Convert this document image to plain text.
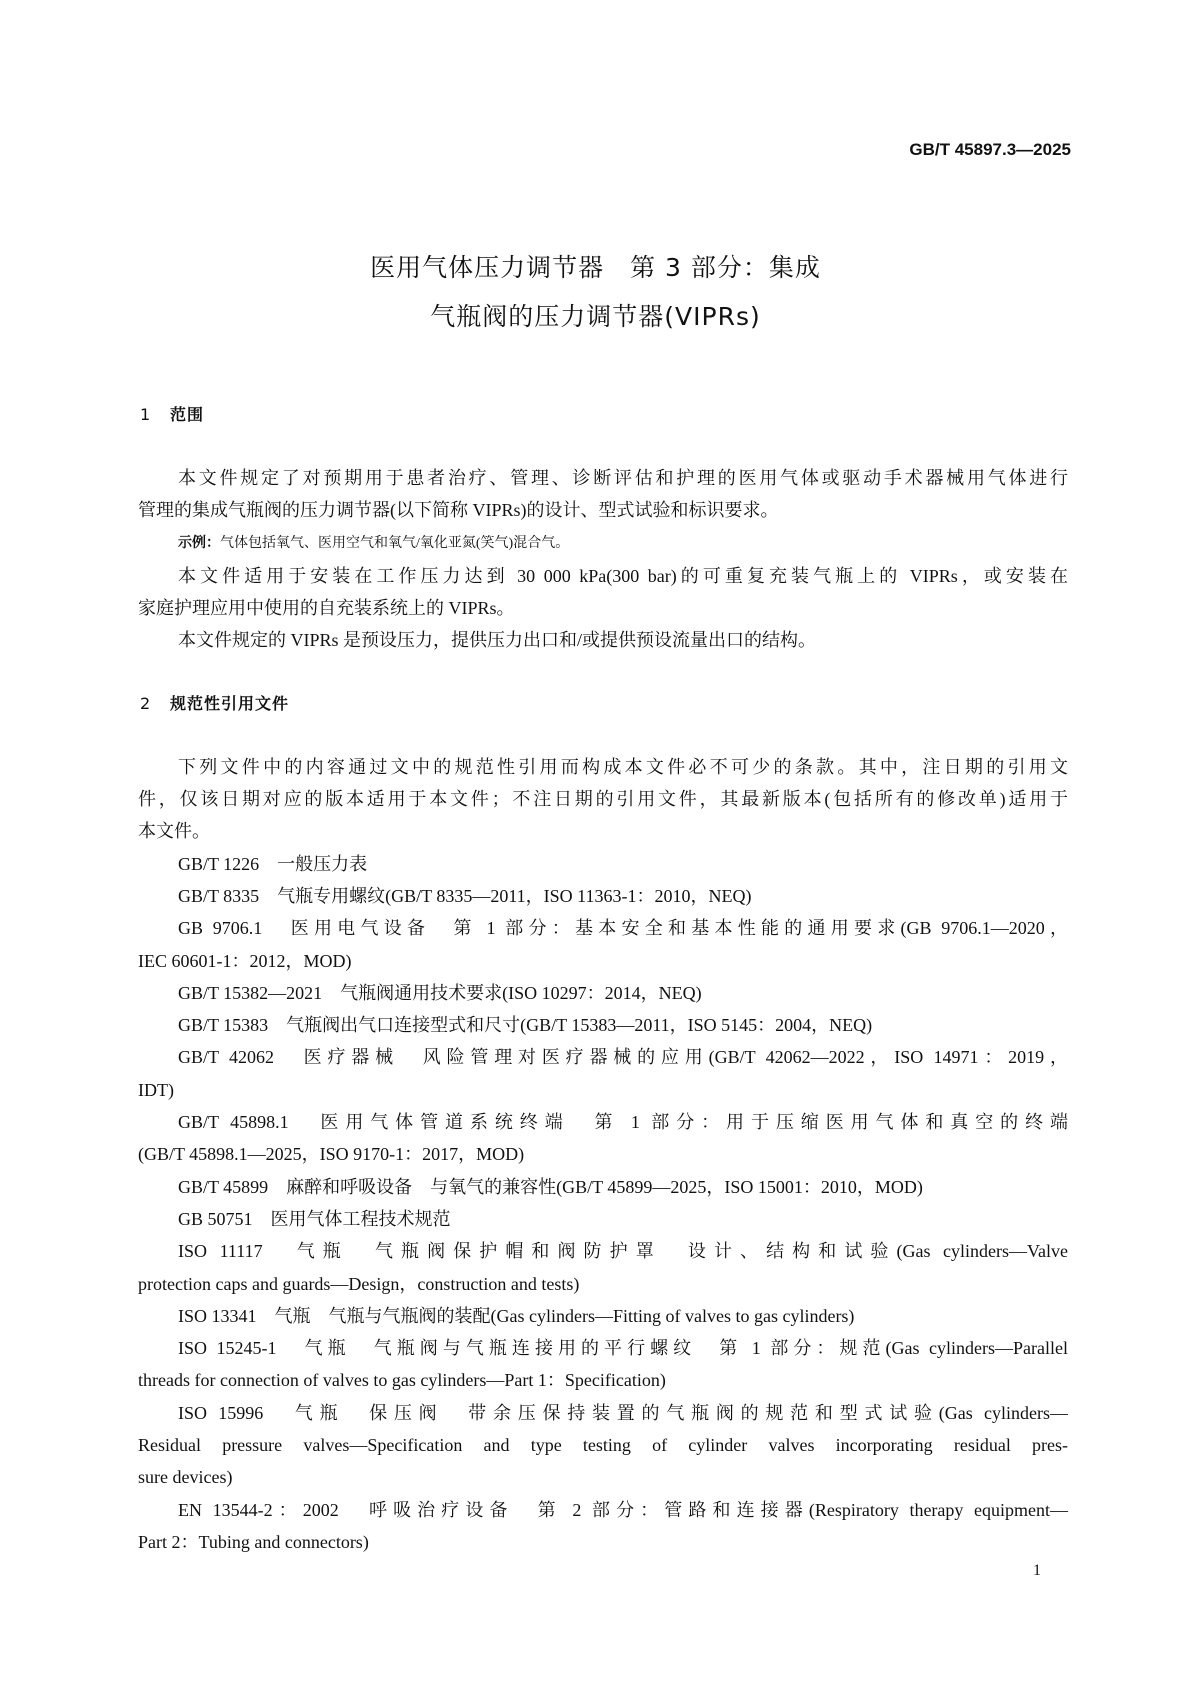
GB/T 45897.3—2025
医用气体压力调节器　第 3 部分：集成
气瓶阀的压力调节器(VIPRs)
1 范围
本文件规定了对预期用于患者治疗、管理、诊断评估和护理的医用气体或驱动手术器械用气体进行
管理的集成气瓶阀的压力调节器(以下简称 VIPRs)的设计、型式试验和标识要求。
示例：气体包括氧气、医用空气和氧气/氧化亚氮(笑气)混合气。
本文件适用于安装在工作压力达到 30 000 kPa(300 bar)的可重复充装气瓶上的 VIPRs，或安装在
家庭护理应用中使用的自充装系统上的 VIPRs。
本文件规定的 VIPRs 是预设压力，提供压力出口和/或提供预设流量出口的结构。
2 规范性引用文件
下列文件中的内容通过文中的规范性引用而构成本文件必不可少的条款。其中，注日期的引用文
件，仅该日期对应的版本适用于本文件；不注日期的引用文件，其最新版本(包括所有的修改单)适用于
本文件。
GB/T 1226　一般压力表
GB/T 8335　气瓶专用螺纹(GB/T 8335—2011，ISO 11363-1：2010，NEQ)
GB 9706.1　医用电气设备　第 1 部分：基本安全和基本性能的通用要求(GB 9706.1—2020，
IEC 60601-1：2012，MOD)
GB/T 15382—2021　气瓶阀通用技术要求(ISO 10297：2014，NEQ)
GB/T 15383　气瓶阀出气口连接型式和尺寸(GB/T 15383—2011，ISO 5145：2004，NEQ)
GB/T 42062　医疗器械　风险管理对医疗器械的应用(GB/T 42062—2022，ISO 14971：2019，
IDT)
GB/T 45898.1　医用气体管道系统终端　第 1 部分：用于压缩医用气体和真空的终端
(GB/T 45898.1—2025，ISO 9170-1：2017，MOD)
GB/T 45899　麻醉和呼吸设备　与氧气的兼容性(GB/T 45899—2025，ISO 15001：2010，MOD)
GB 50751　医用气体工程技术规范
ISO 11117　气瓶　气瓶阀保护帽和阀防护罩　设计、结构和试验(Gas cylinders—Valve
protection caps and guards—Design，construction and tests)
ISO 13341　气瓶　气瓶与气瓶阀的装配(Gas cylinders—Fitting of valves to gas cylinders)
ISO 15245-1　气瓶　气瓶阀与气瓶连接用的平行螺纹　第 1 部分：规范(Gas cylinders—Parallel
threads for connection of valves to gas cylinders—Part 1：Specification)
ISO 15996　气瓶　保压阀　带余压保持装置的气瓶阀的规范和型式试验(Gas cylinders—
Residual pressure valves—Specification and type testing of cylinder valves incorporating residual pres-
sure devices)
EN 13544-2：2002　呼吸治疗设备　第 2 部分：管路和连接器(Respiratory therapy equipment—
Part 2：Tubing and connectors)
1
